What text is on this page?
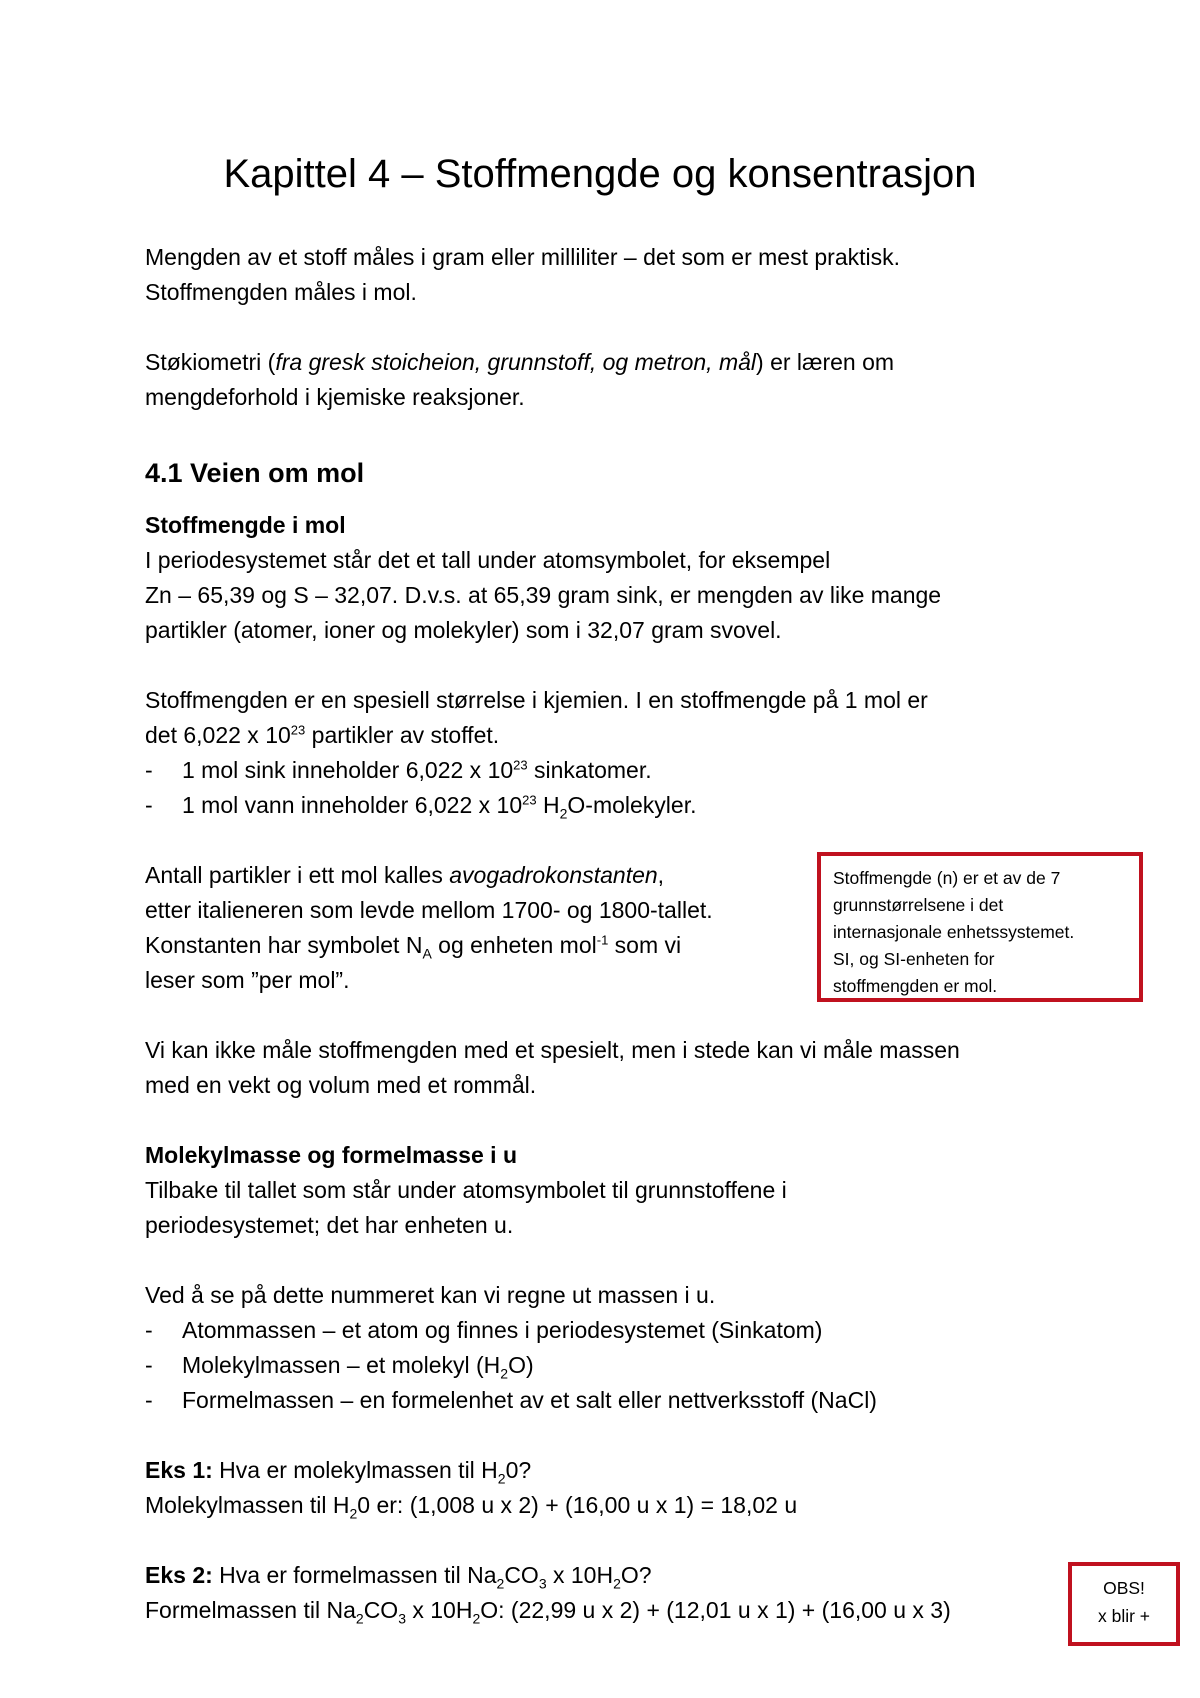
Kapittel 4 – Stoffmengde og konsentrasjon
Mengden av et stoff måles i gram eller milliliter – det som er mest praktisk.
Stoffmengden måles i mol.
Støkiometri (fra gresk stoicheion, grunnstoff, og metron, mål) er læren om
mengdeforhold i kjemiske reaksjoner.
4.1 Veien om mol
Stoffmengde i mol
I periodesystemet står det et tall under atomsymbolet, for eksempel
Zn – 65,39 og S – 32,07. D.v.s. at 65,39 gram sink, er mengden av like mange
partikler (atomer, ioner og molekyler) som i 32,07 gram svovel.
Stoffmengden er en spesiell størrelse i kjemien. I en stoffmengde på 1 mol er
det 6,022 x $10^{23}$ partikler av stoffet.
- 1 mol sink inneholder 6,022 x $10^{23}$ sinkatomer.
- 1 mol vann inneholder 6,022 x $10^{23}$ $H_2O$-molekyler.
Antall partikler i ett mol kalles avogadrokonstanten,
etter italieneren som levde mellom 1700- og 1800-tallet.
Konstanten har symbolet $N_A$ og enheten mol$^{-1}$ som vi
leser som ”per mol”.
Stoffmengde (n) er et av de 7
grunnstørrelsene i det
internasjonale enhetssystemet.
SI, og SI-enheten for
stoffmengden er mol.
Vi kan ikke måle stoffmengden med et spesielt, men i stede kan vi måle massen
med en vekt og volum med et rommål.
Molekylmasse og formelmasse i u
Tilbake til tallet som står under atomsymbolet til grunnstoffene i
periodesystemet; det har enheten u.
Ved å se på dette nummeret kan vi regne ut massen i u.
- Atommassen – et atom og finnes i periodesystemet (Sinkatom)
- Molekylmassen – et molekyl $(H_2O)$
- Formelmassen – en formelenhet av et salt eller nettverksstoff (NaCl)
Eks 1: Hva er molekylmassen til $H_20$?
Molekylmassen til $H_20$ er: (1,008 u x 2) + (16,00 u x 1) = 18,02 u
Eks 2: Hva er formelmassen til $Na_2CO_3$ x $10H_2O$?
Formelmassen til $Na_2CO_3$ x $10H_2O$: (22,99 u x 2) + (12,01 u x 1) + (16,00 u x 3)
OBS!
x blir +
